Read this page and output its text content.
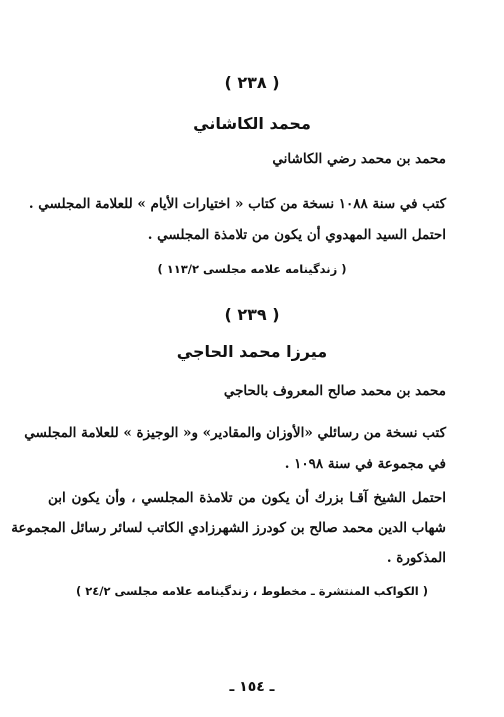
( ٢٣٨ )
محمد الكاشاني
محمد بن محمد رضي الكاشاني
كتب في سنة ١٠٨٨ نسخة من كتاب « اختيارات الأيام » للعلامة المجلسي .
احتمل السيد المهدوي أن يكون من تلامذة المجلسي .
( زندگينامه علامه مجلسى ١١٣/٢ )
( ٢٣٩ )
ميرزا محمد الحاجي
محمد بن محمد صالح المعروف بالحاجي
كتب نسخة من رسائلي «الأوزان والمقادير» و« الوجيزة » للعلامة المجلسي
في مجموعة في سنة ١٠٩٨ .
احتمل الشيخ آقـا بزرك أن يكون من تلامذة المجلسي ، وأن يكون ابن
شهاب الدين محمد صالح بن كودرز الشهرزادي الكاتب لسائر رسائل المجموعة
المذكورة .
( الكواكب المنتشرة ـ مخطوط ، زندگينامه علامه مجلسى ٢٤/٢ )
ـ ١٥٤ ـ
